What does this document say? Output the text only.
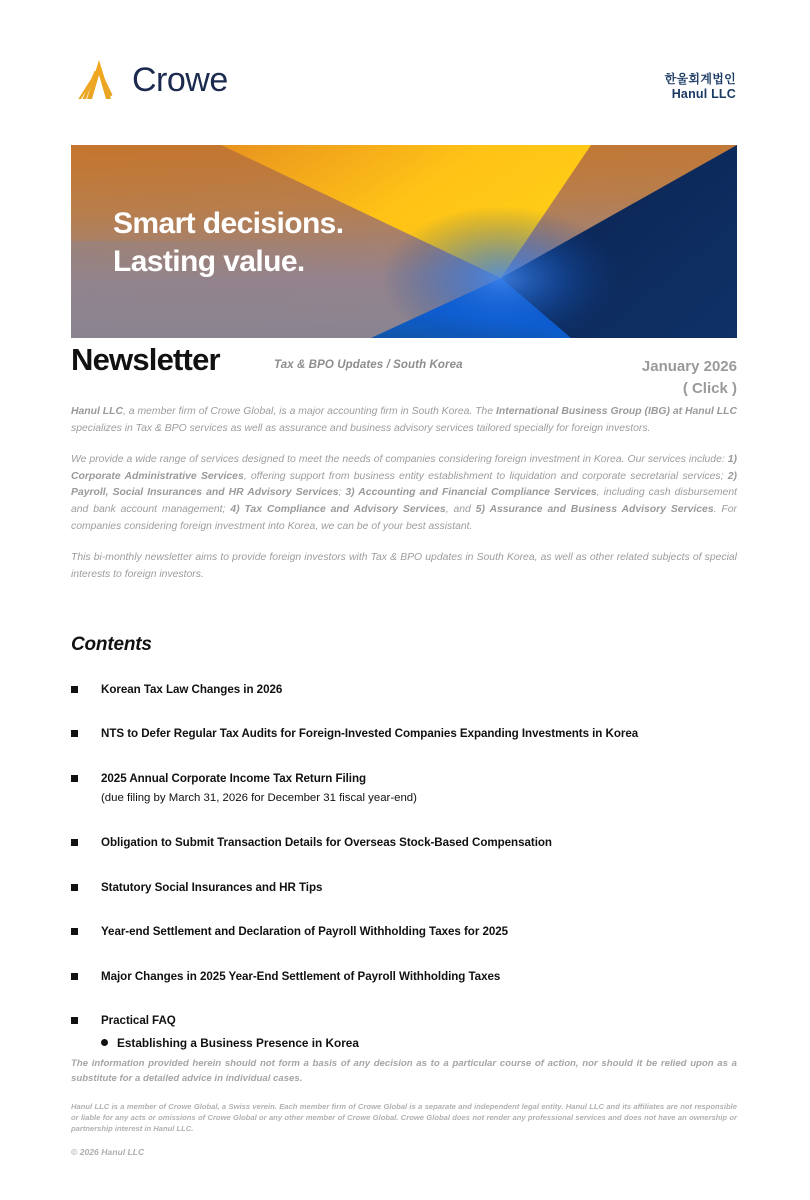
Crowe	한울회계법인
Hanul LLC
Smart decisions.
Lasting value.
Newsletter	Tax & BPO Updates / South Korea	January 2026
( Click )

Hanul LLC, a member firm of Crowe Global, is a major accounting firm in South Korea. The International Business Group (IBG) at Hanul LLC specializes in Tax & BPO services as well as assurance and business advisory services tailored specially for foreign investors.

We provide a wide range of services designed to meet the needs of companies considering foreign investment in Korea. Our services include: 1) Corporate Administrative Services, offering support from business entity establishment to liquidation and corporate secretarial services; 2) Payroll, Social Insurances and HR Advisory Services; 3) Accounting and Financial Compliance Services, including cash disbursement and bank account management; 4) Tax Compliance and Advisory Services, and 5) Assurance and Business Advisory Services. For companies considering foreign investment into Korea, we can be of your best assistant.

This bi-monthly newsletter aims to provide foreign investors with Tax & BPO updates in South Korea, as well as other related subjects of special interests to foreign investors.

Contents
Korean Tax Law Changes in 2026
NTS to Defer Regular Tax Audits for Foreign-Invested Companies Expanding Investments in Korea
2025 Annual Corporate Income Tax Return Filing
(due filing by March 31, 2026 for December 31 fiscal year-end)
Obligation to Submit Transaction Details for Overseas Stock-Based Compensation
Statutory Social Insurances and HR Tips
Year-end Settlement and Declaration of Payroll Withholding Taxes for 2025
Major Changes in 2025 Year-End Settlement of Payroll Withholding Taxes
Practical FAQ
Establishing a Business Presence in Korea
The information provided herein should not form a basis of any decision as to a particular course of action, nor should it be relied upon as a substitute for a detailed advice in individual cases.
Hanul LLC is a member of Crowe Global, a Swiss verein. Each member firm of Crowe Global is a separate and independent legal entity. Hanul LLC and its affiliates are not responsible or liable for any acts or omissions of Crowe Global or any other member of Crowe Global. Crowe Global does not render any professional services and does not have an ownership or partnership interest in Hanul LLC.
© 2026 Hanul LLC
